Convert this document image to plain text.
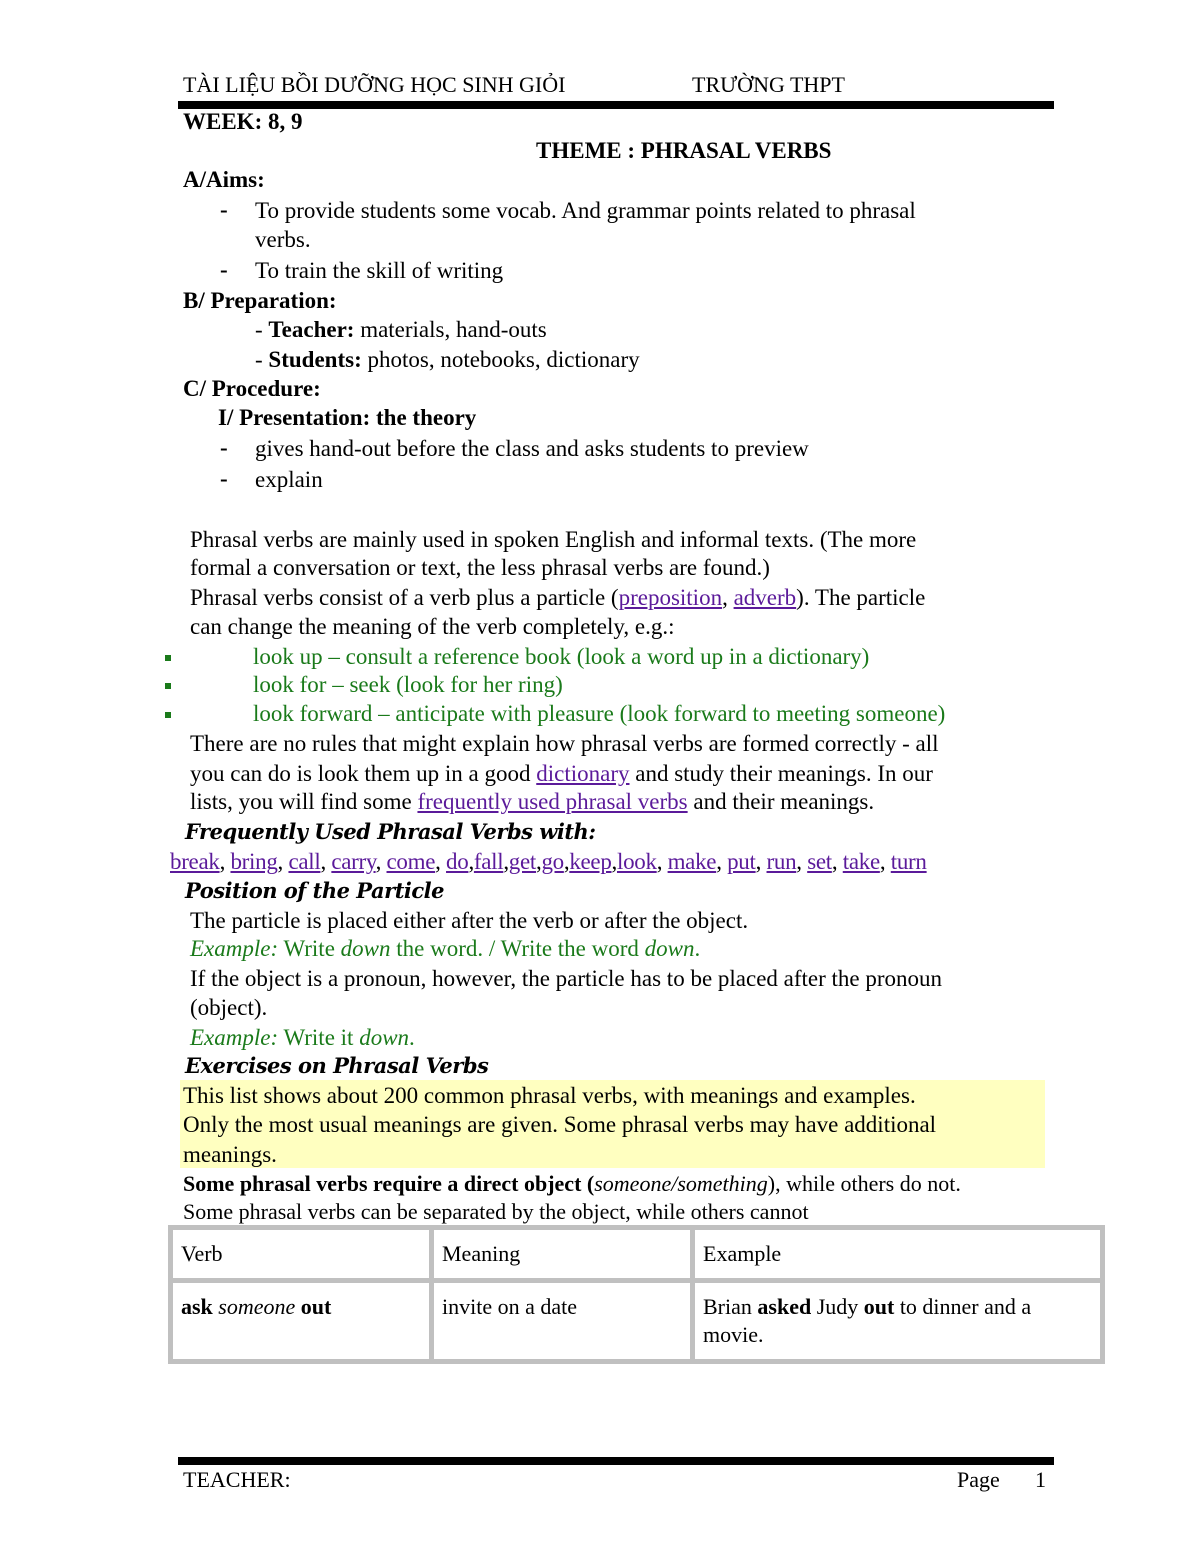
TÀI LIỆU BỒI DƯỠNG HỌC SINH GIỎI	TRƯỜNG THPT
WEEK: 8, 9
THEME : PHRASAL VERBS
A/Aims:
- To provide students some vocab. And grammar points related to phrasal
verbs.
- To train the skill of writing
B/ Preparation:
- Teacher: materials, hand-outs
- Students: photos, notebooks, dictionary
C/ Procedure:
I/ Presentation: the theory
- gives hand-out before the class and asks students to preview
- explain
Phrasal verbs are mainly used in spoken English and informal texts. (The more
formal a conversation or text, the less phrasal verbs are found.)
Phrasal verbs consist of a verb plus a particle (preposition, adverb). The particle
can change the meaning of the verb completely, e.g.:
look up – consult a reference book (look a word up in a dictionary)
look for – seek (look for her ring)
look forward – anticipate with pleasure (look forward to meeting someone)
There are no rules that might explain how phrasal verbs are formed correctly - all
you can do is look them up in a good dictionary and study their meanings. In our
lists, you will find some frequently used phrasal verbs and their meanings.
Frequently Used Phrasal Verbs with:
break, bring, call, carry, come, do,fall,get,go,keep,look, make, put, run, set, take, turn
Position of the Particle
The particle is placed either after the verb or after the object.
Example: Write down the word. / Write the word down.
If the object is a pronoun, however, the particle has to be placed after the pronoun
(object).
Example: Write it down.
Exercises on Phrasal Verbs
This list shows about 200 common phrasal verbs, with meanings and examples.
Only the most usual meanings are given. Some phrasal verbs may have additional
meanings.
Some phrasal verbs require a direct object (someone/something), while others do not.
Some phrasal verbs can be separated by the object, while others cannot
Verb	Meaning	Example
ask someone out	invite on a date	Brian asked Judy out to dinner and a movie.
TEACHER:	Page 1
